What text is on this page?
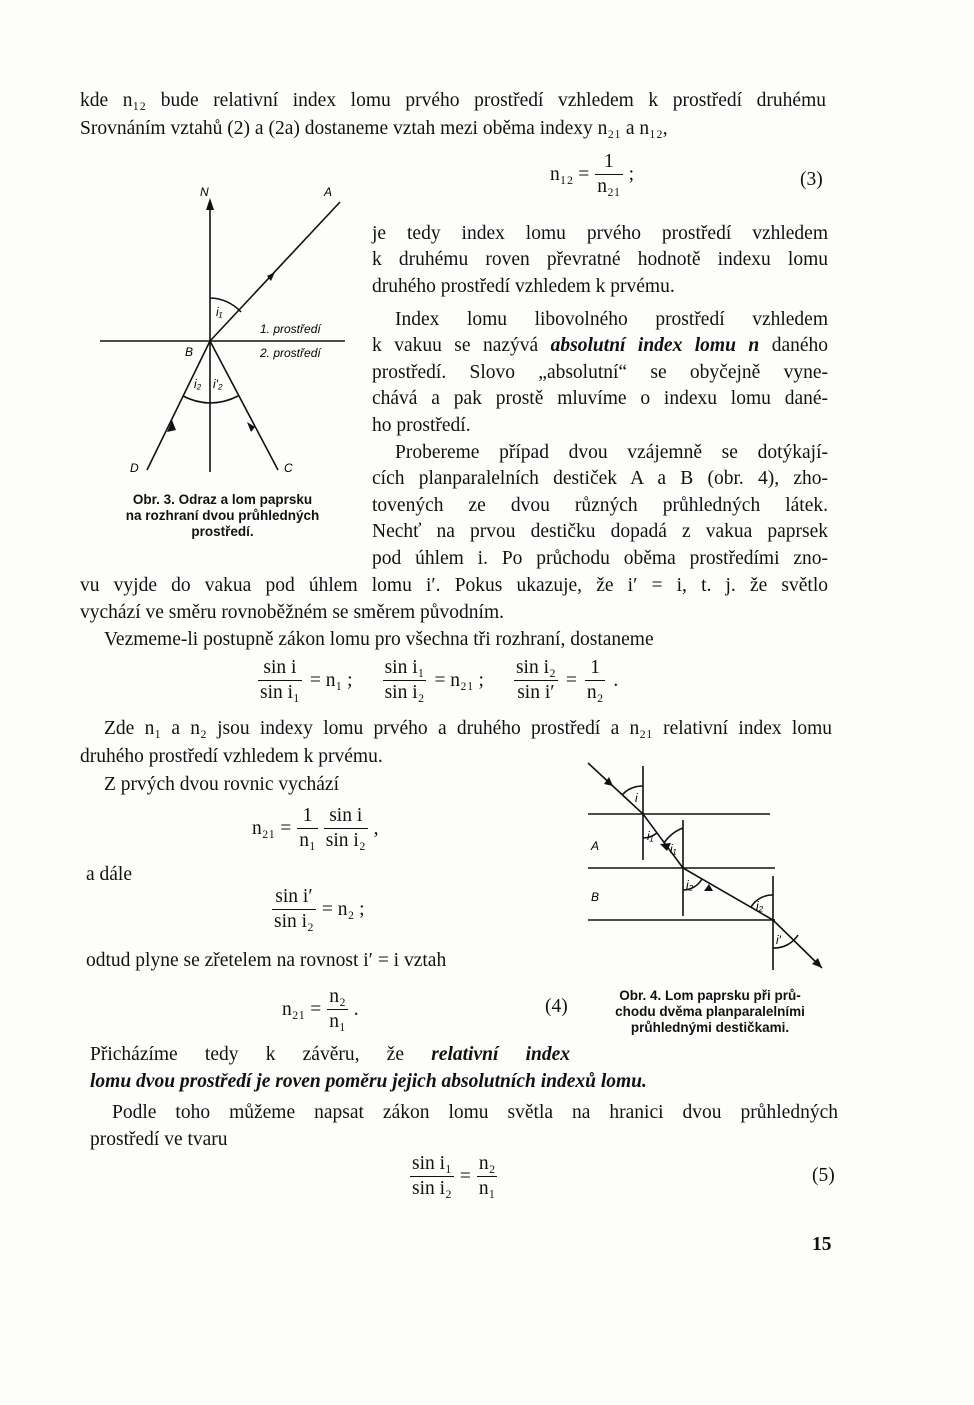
kde n₁₂ bude relativní index lomu prvého prostředí vzhledem k prostředí druhému
Srovnáním vztahů (2) a (2a) dostaneme vztah mezi oběma indexy n₂₁ a n₁₂,
$n_{12} = \frac{1}{\text{n₂₁}}$ ;	(3)
N	A
B
C
D
i₁
i₂ i'₂
1. prostředí
2. prostředí
Obr. 3. Odraz a lom paprsku
na rozhraní dvou průhledných
prostředí.
je tedy index lomu prvého prostředí vzhledem
k druhému roven převratné hodnotě indexu lomu
druhého prostředí vzhledem k prvému.
Index lomu libovolného prostředí vzhledem
k vakuu se nazývá absolutní index lomu n daného
prostředí. Slovo „absolutní“ se obyčejně vyne-
chává a pak prostě mluvíme o indexu lomu dané-
ho prostředí.
Probereme případ dvou vzájemně se dotýkají-
cích planparalelních destiček A a B (obr. 4), zho-
tovených ze dvou různých průhledných látek.
Nechť na prvou destičku dopadá z vakua paprsek
pod úhlem i. Po průchodu oběma prostředími zno-
vu vyjde do vakua pod úhlem lomu i′. Pokus ukazuje, že i′ = i, t. j. že světlo
vychází ve směru rovnoběžném se směrem původním.
Vezmeme-li postupně zákon lomu pro všechna tři rozhraní, dostaneme
$\frac{\text{sin i}}{\text{sin i₁}} = n_1$ ; $\frac{\text{sin i₁}}{\text{sin i₂}} = n_{21}$ ; $\frac{\text{sin i₂}}{\text{sin i′}} = \frac{1}{\text{n₂}}$ .
Zde n₁ a n₂ jsou indexy lomu prvého a druhého prostředí a n₂₁ relativní index lomu
druhého prostředí vzhledem k prvému.
Z prvých dvou rovnic vychází
$n_{21} = \frac{1}{\text{n₁}} \frac{\text{sin i}}{\text{sin i₂}}$ ,
a dále
$\frac{\text{sin i′}}{\text{sin i₂}} = n_2$ ;
odtud plyne se zřetelem na rovnost i′ = i vztah
$n_{21} = \frac{\text{n₂}}{\text{n₁}}$ .	(4)
A
B
i
i₁
i₁
i₂
i₂
i′
Obr. 4. Lom paprsku při prů-
chodu dvěma planparalelními
průhlednými destičkami.
Přicházíme tedy k závěru, že relativní index
lomu dvou prostředí je roven poměru jejich absolutních indexů lomu.
Podle toho můžeme napsat zákon lomu světla na hranici dvou průhledných
prostředí ve tvaru
$\frac{\text{sin i₁}}{\text{sin i₂}} = \frac{\text{n₂}}{\text{n₁}}$	(5)
15
